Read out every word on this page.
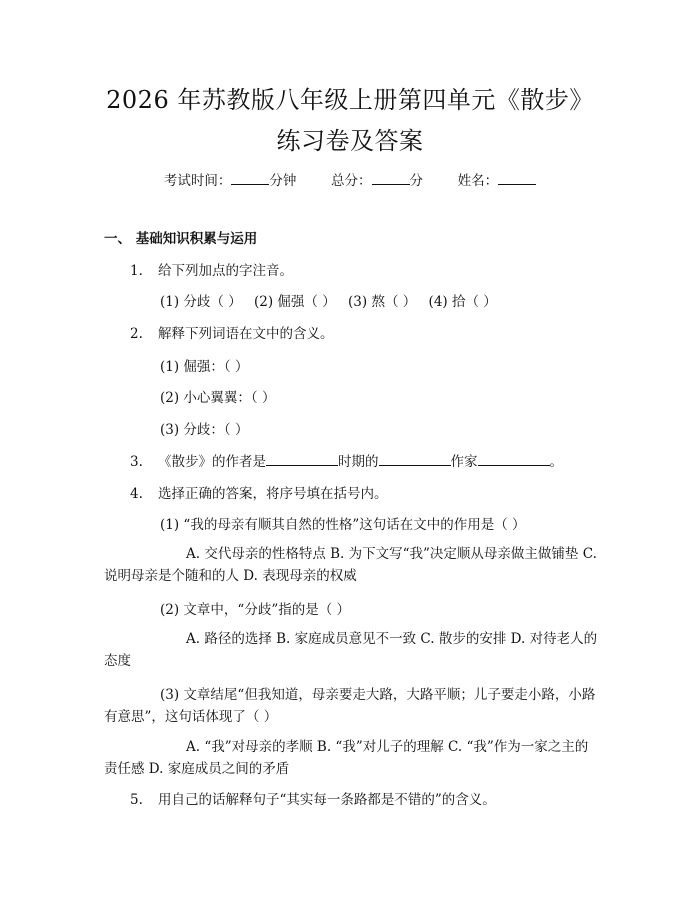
2026 年苏教版八年级上册第四单元《散步》
练习卷及答案
考试时间：	分钟	总分：	分	姓名：
一、 基础知识积累与运用
1. 给下列加点的字注音。
(1) 分歧（ ） (2) 倔强（ ） (3) 熬（ ） (4) 拾（ ）
2. 解释下列词语在文中的含义。
(1) 倔强：（ ）
(2) 小心翼翼：（ ）
(3) 分歧：（ ）
3. 《散步》的作者是	时期的	作家	。
4. 选择正确的答案，将序号填在括号内。
(1) “我的母亲有顺其自然的性格”这句话在文中的作用是（ ）
A. 交代母亲的性格特点 B. 为下文写“我”决定顺从母亲做主做铺垫 C. 说明母亲是个随和的人 D. 表现母亲的权威
(2) 文章中，“分歧”指的是（ ）
A. 路径的选择 B. 家庭成员意见不一致 C. 散步的安排 D. 对待老人的态度
(3) 文章结尾“但我知道，母亲要走大路，大路平顺；儿子要走小路，小路有意思”，这句话体现了（ ）
A. “我”对母亲的孝顺 B. “我”对儿子的理解 C. “我”作为一家之主的责任感 D. 家庭成员之间的矛盾
5. 用自己的话解释句子“其实每一条路都是不错的”的含义。
